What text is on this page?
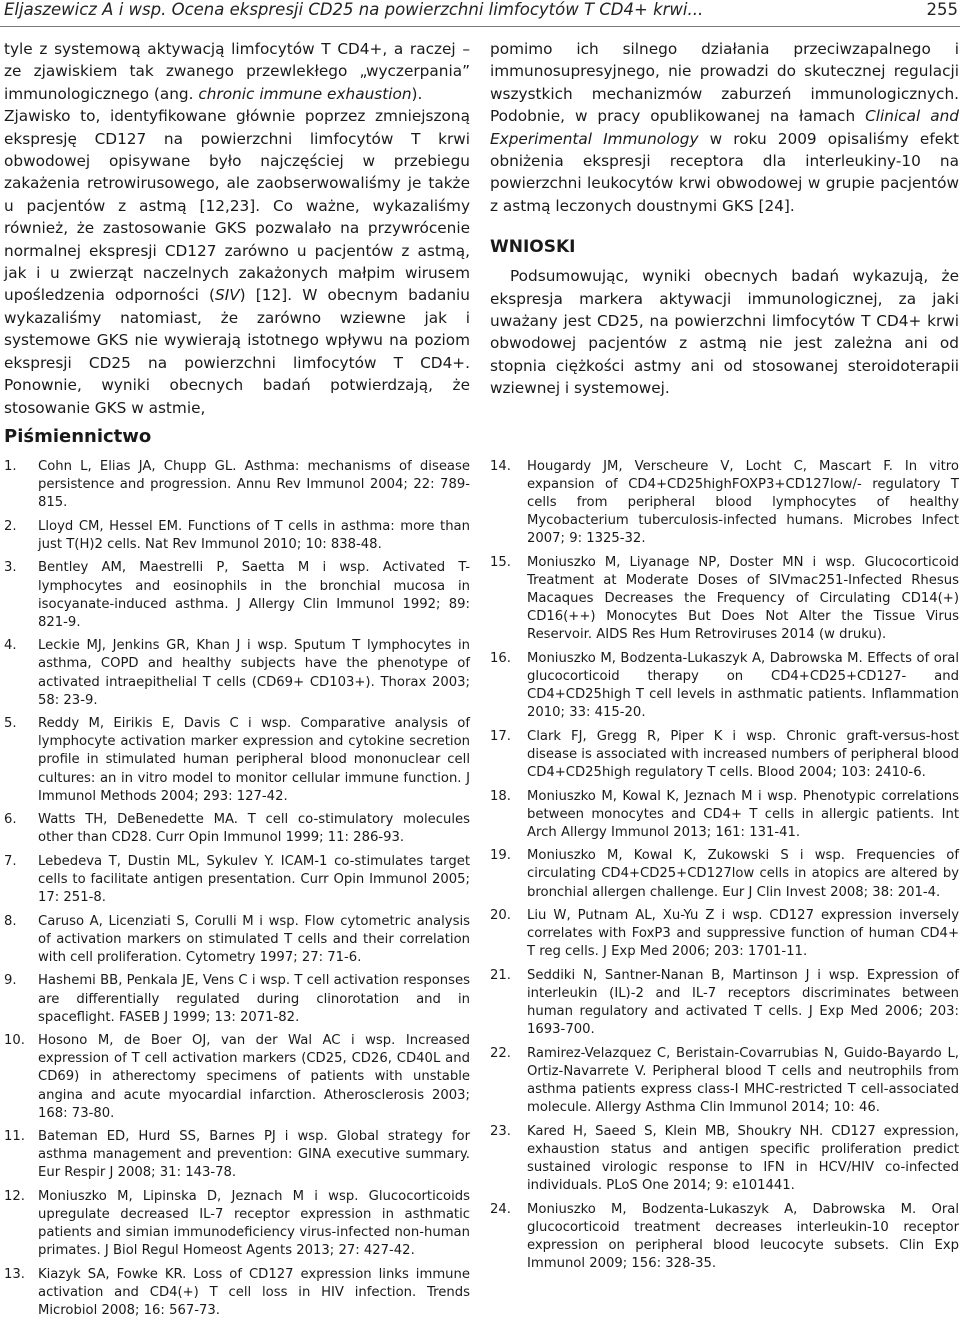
Eljaszewicz A i wsp. Ocena ekspresji CD25 na powierzchni limfocytów T CD4+ krwi...	255

tyle z systemową aktywacją limfocytów T CD4+, a raczej – ze zjawiskiem tak zwanego przewlekłego „wyczerpania” immunologicznego (ang. chronic immune exhaustion).

Zjawisko to, identyfikowane głównie poprzez zmniejszoną ekspresję CD127 na powierzchni limfocytów T krwi obwodowej opisywane było najczęściej w przebiegu zakażenia retrowirusowego, ale zaobserwowaliśmy je także u pacjentów z astmą [12,23]. Co ważne, wykazaliśmy również, że zastosowanie GKS pozwalało na przywrócenie normalnej ekspresji CD127 zarówno u pacjentów z astmą, jak i u zwierząt naczelnych zakażonych małpim wirusem upośledzenia odporności (SIV) [12]. W obecnym badaniu wykazaliśmy natomiast, że zarówno wziewne jak i systemowe GKS nie wywierają istotnego wpływu na poziom ekspresji CD25 na powierzchni limfocytów T CD4+. Ponownie, wyniki obecnych badań potwierdzają, że stosowanie GKS w astmie,

pomimo ich silnego działania przeciwzapalnego i immunosupresyjnego, nie prowadzi do skutecznej regulacji wszystkich mechanizmów zaburzeń immunologicznych. Podobnie, w pracy opublikowanej na łamach Clinical and Experimental Immunology w roku 2009 opisaliśmy efekt obniżenia ekspresji receptora dla interleukiny-10 na powierzchni leukocytów krwi obwodowej w grupie pacjentów z astmą leczonych doustnymi GKS [24].

WNIOSKI

Podsumowując, wyniki obecnych badań wykazują, że ekspresja markera aktywacji immunologicznej, za jaki uważany jest CD25, na powierzchni limfocytów T CD4+ krwi obwodowej pacjentów z astmą nie jest zależna ani od stopnia ciężkości astmy ani od stosowanej steroidoterapii wziewnej i systemowej.

Piśmiennictwo
1.	Cohn L, Elias JA, Chupp GL. Asthma: mechanisms of disease persistence and progression. Annu Rev Immunol 2004; 22: 789-815.
2.	Lloyd CM, Hessel EM. Functions of T cells in asthma: more than just T(H)2 cells. Nat Rev Immunol 2010; 10: 838-48.
3.	Bentley AM, Maestrelli P, Saetta M i wsp. Activated T-lymphocytes and eosinophils in the bronchial mucosa in isocyanate-induced asthma. J Allergy Clin Immunol 1992; 89: 821-9.
4.	Leckie MJ, Jenkins GR, Khan J i wsp. Sputum T lymphocytes in asthma, COPD and healthy subjects have the phenotype of activated intraepithelial T cells (CD69+ CD103+). Thorax 2003; 58: 23-9.
5.	Reddy M, Eirikis E, Davis C i wsp. Comparative analysis of lymphocyte activation marker expression and cytokine secretion profile in stimulated human peripheral blood mononuclear cell cultures: an in vitro model to monitor cellular immune function. J Immunol Methods 2004; 293: 127-42.
6.	Watts TH, DeBenedette MA. T cell co-stimulatory molecules other than CD28. Curr Opin Immunol 1999; 11: 286-93.
7.	Lebedeva T, Dustin ML, Sykulev Y. ICAM-1 co-stimulates target cells to facilitate antigen presentation. Curr Opin Immunol 2005; 17: 251-8.
8.	Caruso A, Licenziati S, Corulli M i wsp. Flow cytometric analysis of activation markers on stimulated T cells and their correlation with cell proliferation. Cytometry 1997; 27: 71-6.
9.	Hashemi BB, Penkala JE, Vens C i wsp. T cell activation responses are differentially regulated during clinorotation and in spaceflight. FASEB J 1999; 13: 2071-82.
10. Hosono M, de Boer OJ, van der Wal AC i wsp. Increased expression of T cell activation markers (CD25, CD26, CD40L and CD69) in atherectomy specimens of patients with unstable angina and acute myocardial infarction. Atherosclerosis 2003; 168: 73-80.
11. Bateman ED, Hurd SS, Barnes PJ i wsp. Global strategy for asthma management and prevention: GINA executive summary. Eur Respir J 2008; 31: 143-78.
12. Moniuszko M, Lipinska D, Jeznach M i wsp. Glucocorticoids upregulate decreased IL-7 receptor expression in asthmatic patients and simian immunodeficiency virus-infected non-human primates. J Biol Regul Homeost Agents 2013; 27: 427-42.
13. Kiazyk SA, Fowke KR. Loss of CD127 expression links immune activation and CD4(+) T cell loss in HIV infection. Trends Microbiol 2008; 16: 567-73.
14.	Hougardy JM, Verscheure V, Locht C, Mascart F. In vitro expansion of CD4+CD25highFOXP3+CD127low/- regulatory T cells from peripheral blood lymphocytes of healthy Mycobacterium tuberculosis-infected humans. Microbes Infect 2007; 9: 1325-32.
15.	Moniuszko M, Liyanage NP, Doster MN i wsp. Glucocorticoid Treatment at Moderate Doses of SIVmac251-Infected Rhesus Macaques Decreases the Frequency of Circulating CD14(+) CD16(++) Monocytes But Does Not Alter the Tissue Virus Reservoir. AIDS Res Hum Retroviruses 2014 (w druku).
16.	Moniuszko M, Bodzenta-Lukaszyk A, Dabrowska M. Effects of oral glucocorticoid therapy on CD4+CD25+CD127- and CD4+CD25high T cell levels in asthmatic patients. Inflammation 2010; 33: 415-20.
17.	Clark FJ, Gregg R, Piper K i wsp. Chronic graft-versus-host disease is associated with increased numbers of peripheral blood CD4+CD25high regulatory T cells. Blood 2004; 103: 2410-6.
18.	Moniuszko M, Kowal K, Jeznach M i wsp. Phenotypic correlations between monocytes and CD4+ T cells in allergic patients. Int Arch Allergy Immunol 2013; 161: 131-41.
19.	Moniuszko M, Kowal K, Zukowski S i wsp. Frequencies of circulating CD4+CD25+CD127low cells in atopics are altered by bronchial allergen challenge. Eur J Clin Invest 2008; 38: 201-4.
20.	Liu W, Putnam AL, Xu-Yu Z i wsp. CD127 expression inversely correlates with FoxP3 and suppressive function of human CD4+ T reg cells. J Exp Med 2006; 203: 1701-11.
21.	Seddiki N, Santner-Nanan B, Martinson J i wsp. Expression of interleukin (IL)-2 and IL-7 receptors discriminates between human regulatory and activated T cells. J Exp Med 2006; 203: 1693-700.
22.	Ramirez-Velazquez C, Beristain-Covarrubias N, Guido-Bayardo L, Ortiz-Navarrete V. Peripheral blood T cells and neutrophils from asthma patients express class-I MHC-restricted T cell-associated molecule. Allergy Asthma Clin Immunol 2014; 10: 46.
23.	Kared H, Saeed S, Klein MB, Shoukry NH. CD127 expression, exhaustion status and antigen specific proliferation predict sustained virologic response to IFN in HCV/HIV co-infected individuals. PLoS One 2014; 9: e101441.
24.	Moniuszko M, Bodzenta-Lukaszyk A, Dabrowska M. Oral glucocorticoid treatment decreases interleukin-10 receptor expression on peripheral blood leucocyte subsets. Clin Exp Immunol 2009; 156: 328-35.
